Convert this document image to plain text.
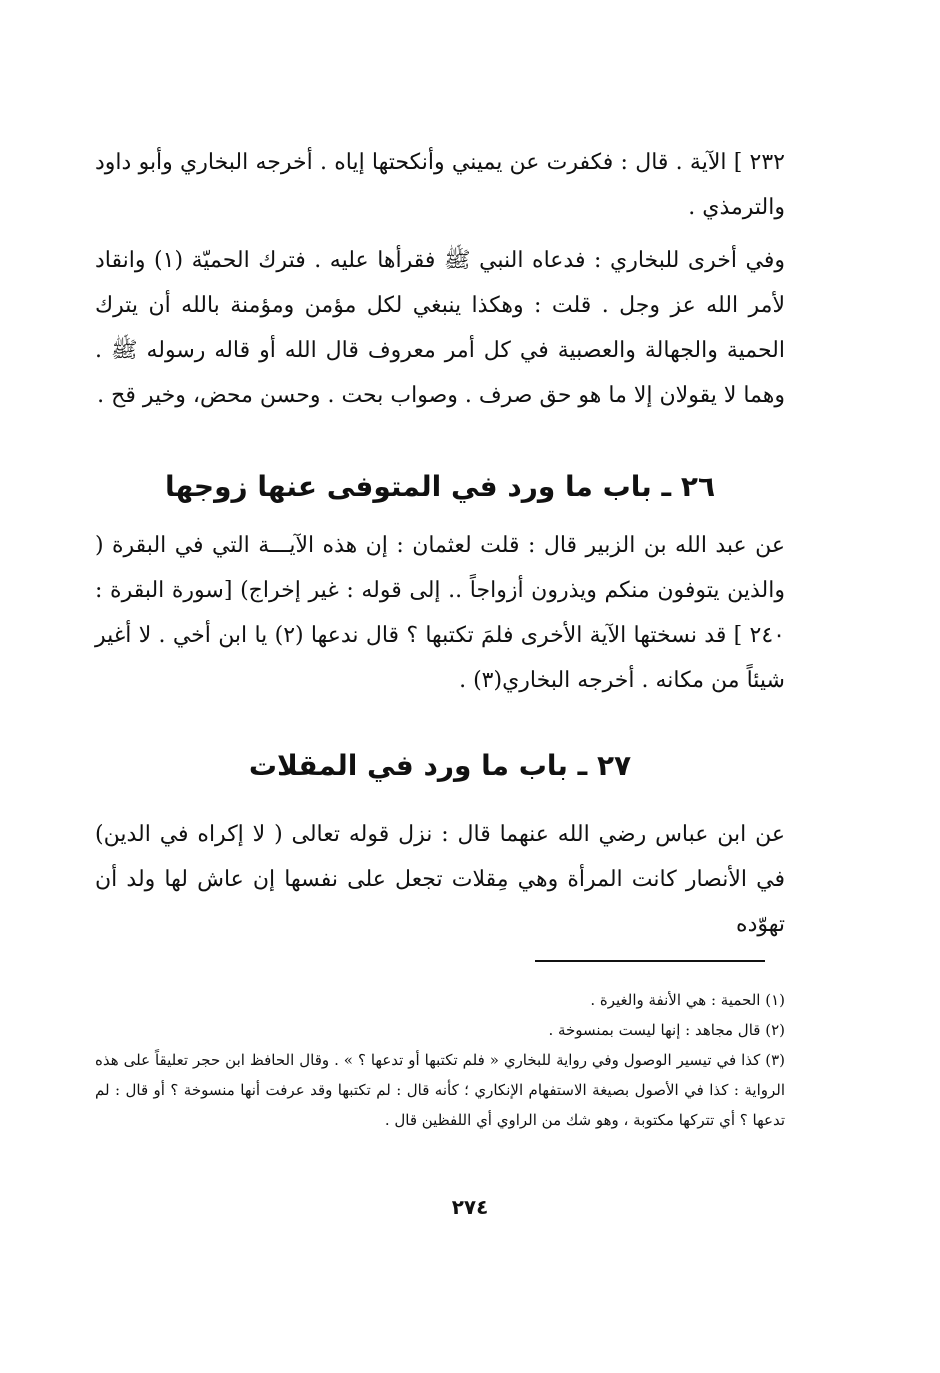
٢٣٢ ] الآية . قال : فكفرت عن يميني وأنكحتها إياه . أخرجه البخاري وأبو داود والترمذي .

وفي أخرى للبخاري : فدعاه النبي ﷺ فقرأها عليه . فترك الحميّة (١) وانقاد لأمر الله عز وجل . قلت : وهكذا ينبغي لكل مؤمن ومؤمنة بالله أن يترك الحمية والجهالة والعصبية في كل أمر معروف قال الله أو قاله رسوله ﷺ . وهما لا يقولان إلا ما هو حق صرف . وصواب بحت . وحسن محض، وخير قح .

٢٦ ـ باب ما ورد في المتوفى عنها زوجها

عن عبد الله بن الزبير قال : قلت لعثمان : إن هذه الآيـــة التي في البقرة ( والذين يتوفون منكم ويذرون أزواجاً .. إلى قوله : غير إخراج) [سورة البقرة : ٢٤٠ ] قد نسختها الآية الأخرى فلمَ تكتبها ؟ قال ندعها (٢) يا ابن أخي . لا أغير شيئاً من مكانه . أخرجه البخاري(٣) .

٢٧ ـ باب ما ورد في المقلات

عن ابن عباس رضي الله عنهما قال : نزل قوله تعالى ( لا إكراه في الدين) في الأنصار كانت المرأة وهي مِقلات تجعل على نفسها إن عاش لها ولد أن تهوّده

(١) الحمية : هي الأنفة والغيرة .

(٢) قال مجاهد : إنها ليست بمنسوخة .

(٣) كذا في تيسير الوصول وفي رواية للبخاري « فلم تكتبها أو تدعها ؟ » . وقال الحافظ ابن حجر تعليقاً على هذه الرواية : كذا في الأصول بصيغة الاستفهام الإنكاري ؛ كأنه قال : لم تكتبها وقد عرفت أنها منسوخة ؟ أو قال : لم تدعها ؟ أي تتركها مكتوبة ، وهو شك من الراوي أي اللفظين قال .

٢٧٤
